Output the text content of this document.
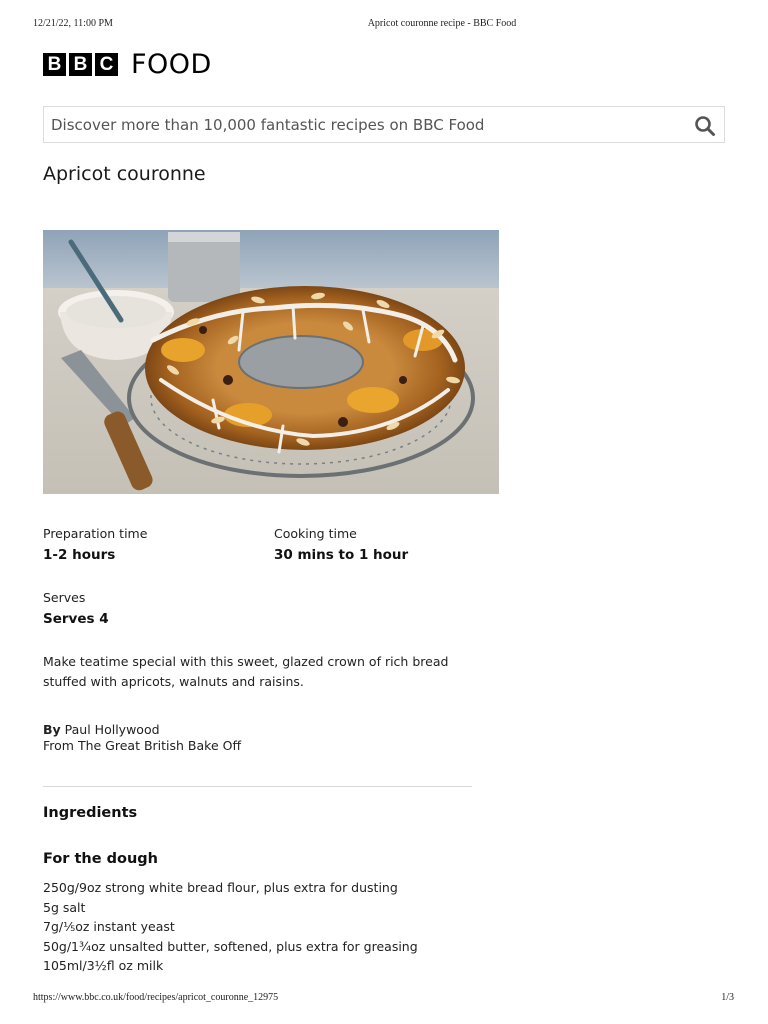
12/21/22, 11:00 PM	Apricot couronne recipe - BBC Food
B B C FOOD
Discover more than 10,000 fantastic recipes on BBC Food
Apricot couronne
Preparation time
1-2 hours
Cooking time
30 mins to 1 hour
Serves
Serves 4

Make teatime special with this sweet, glazed crown of rich bread stuffed with apricots, walnuts and raisins.

By Paul Hollywood
From The Great British Bake Off
Ingredients
For the dough
250g/9oz strong white bread flour, plus extra for dusting
5g salt
7g/⅕oz instant yeast
50g/1¾oz unsalted butter, softened, plus extra for greasing
105ml/3½fl oz milk
https://www.bbc.co.uk/food/recipes/apricot_couronne_12975	1/3
